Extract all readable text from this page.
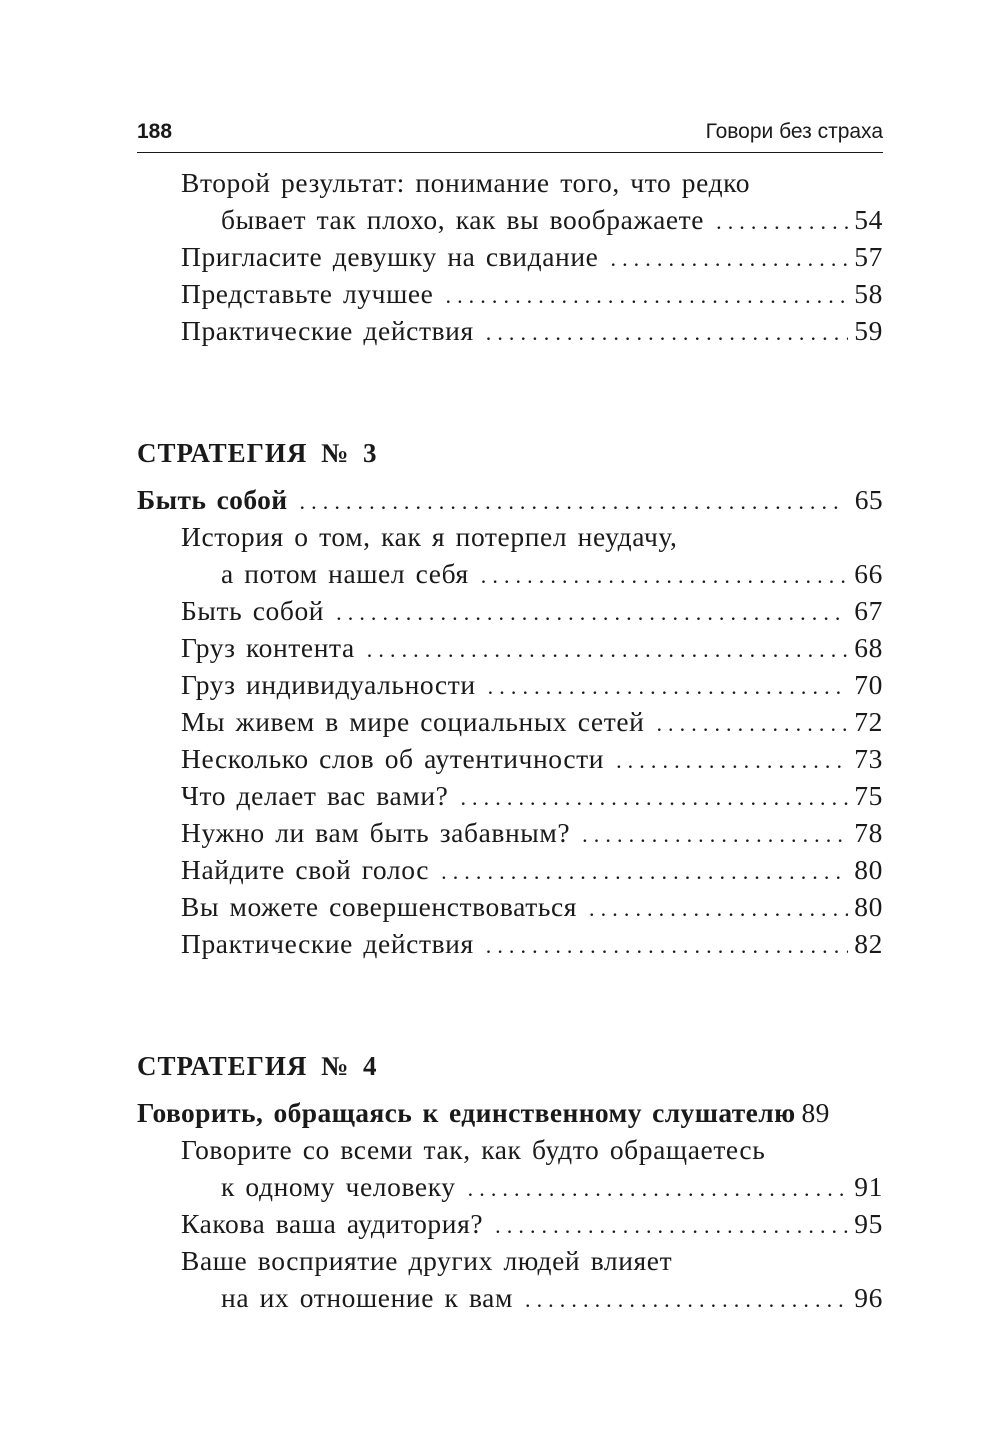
188	Говори без страха
Второй результат: понимание того, что редко
бывает так плохо, как вы воображаете . . .	54
Пригласите девушку на свидание . . .	57
Представьте лучшее . . .	58
Практические действия . . .	59
СТРАТЕГИЯ № 3
Быть собой . . .	65
История о том, как я потерпел неудачу,
а потом нашел себя . . .	66
Быть собой . . .	67
Груз контента . . .	68
Груз индивидуальности . . .	70
Мы живем в мире социальных сетей . . .	72
Несколько слов об аутентичности . . .	73
Что делает вас вами? . . .	75
Нужно ли вам быть забавным? . . .	78
Найдите свой голос . . .	80
Вы можете совершенствоваться . . .	80
Практические действия . . .	82
СТРАТЕГИЯ № 4
Говорить, обращаясь к единственному слушателю 89
Говорите со всеми так, как будто обращаетесь
к одному человеку . . .	91
Какова ваша аудитория? . . .	95
Ваше восприятие других людей влияет
на их отношение к вам . . .	96
